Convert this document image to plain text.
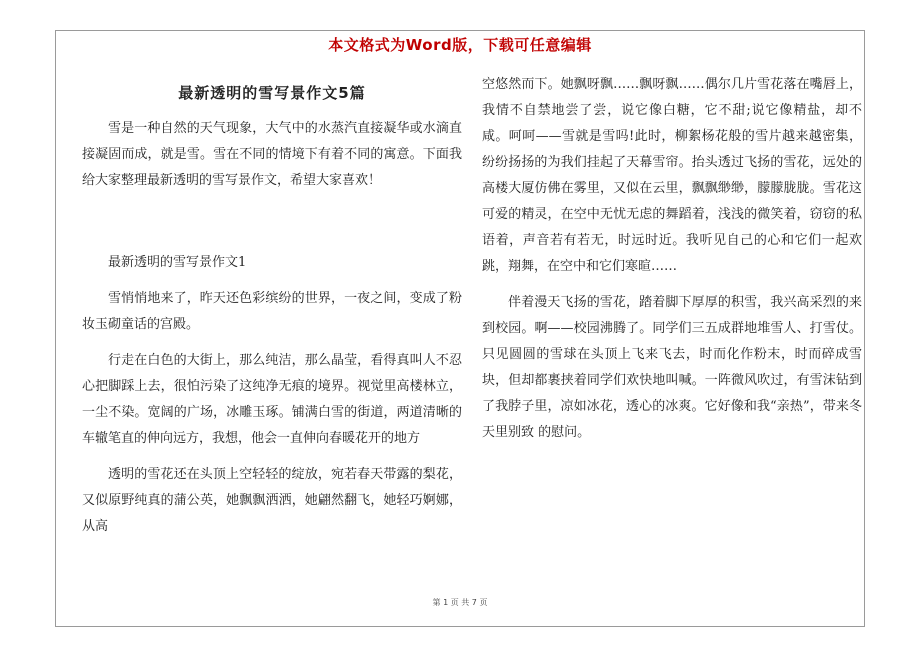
本文格式为Word版，下载可任意编辑
最新透明的雪写景作文5篇

雪是一种自然的天气现象，大气中的水蒸汽直接凝华或水滴直接凝固而成，就是雪。雪在不同的情境下有着不同的寓意。下面我给大家整理最新透明的雪写景作文，希望大家喜欢！

最新透明的雪写景作文1

雪悄悄地来了，昨天还色彩缤纷的世界，一夜之间，变成了粉妆玉砌童话的宫殿。

行走在白色的大街上，那么纯洁，那么晶莹，看得真叫人不忍心把脚踩上去，很怕污染了这纯净无痕的境界。视觉里高楼林立，一尘不染。宽阔的广场，冰雕玉琢。铺满白雪的街道，两道清晰的车辙笔直的伸向远方，我想，他会一直伸向春暖花开的地方

透明的雪花还在头顶上空轻轻的绽放，宛若春天带露的梨花，又似原野纯真的蒲公英，她飘飘洒洒，她翩然翻飞，她轻巧婀娜，从高

空悠然而下。她飘呀飘……飘呀飘……偶尔几片雪花落在嘴唇上，我情不自禁地尝了尝，说它像白糖，它不甜;说它像精盐，却不咸。呵呵——雪就是雪吗!此时，柳絮杨花般的雪片越来越密集，纷纷扬扬的为我们挂起了天幕雪帘。抬头透过飞扬的雪花，远处的高楼大厦仿佛在雾里，又似在云里，飘飘缈缈，朦朦胧胧。雪花这可爱的精灵，在空中无忧无虑的舞蹈着，浅浅的微笑着，窃窃的私语着，声音若有若无，时远时近。我听见自己的心和它们一起欢跳，翔舞，在空中和它们寒暄……

伴着漫天飞扬的雪花，踏着脚下厚厚的积雪，我兴高采烈的来到校园。啊——校园沸腾了。同学们三五成群地堆雪人、打雪仗。只见圆圆的雪球在头顶上飞来飞去，时而化作粉末，时而碎成雪块，但却都裹挟着同学们欢快地叫喊。一阵微风吹过，有雪沫钻到了我脖子里，凉如冰花，透心的冰爽。它好像和我“亲热”，带来冬天里别致 的慰问。

第 1 页 共 7 页
